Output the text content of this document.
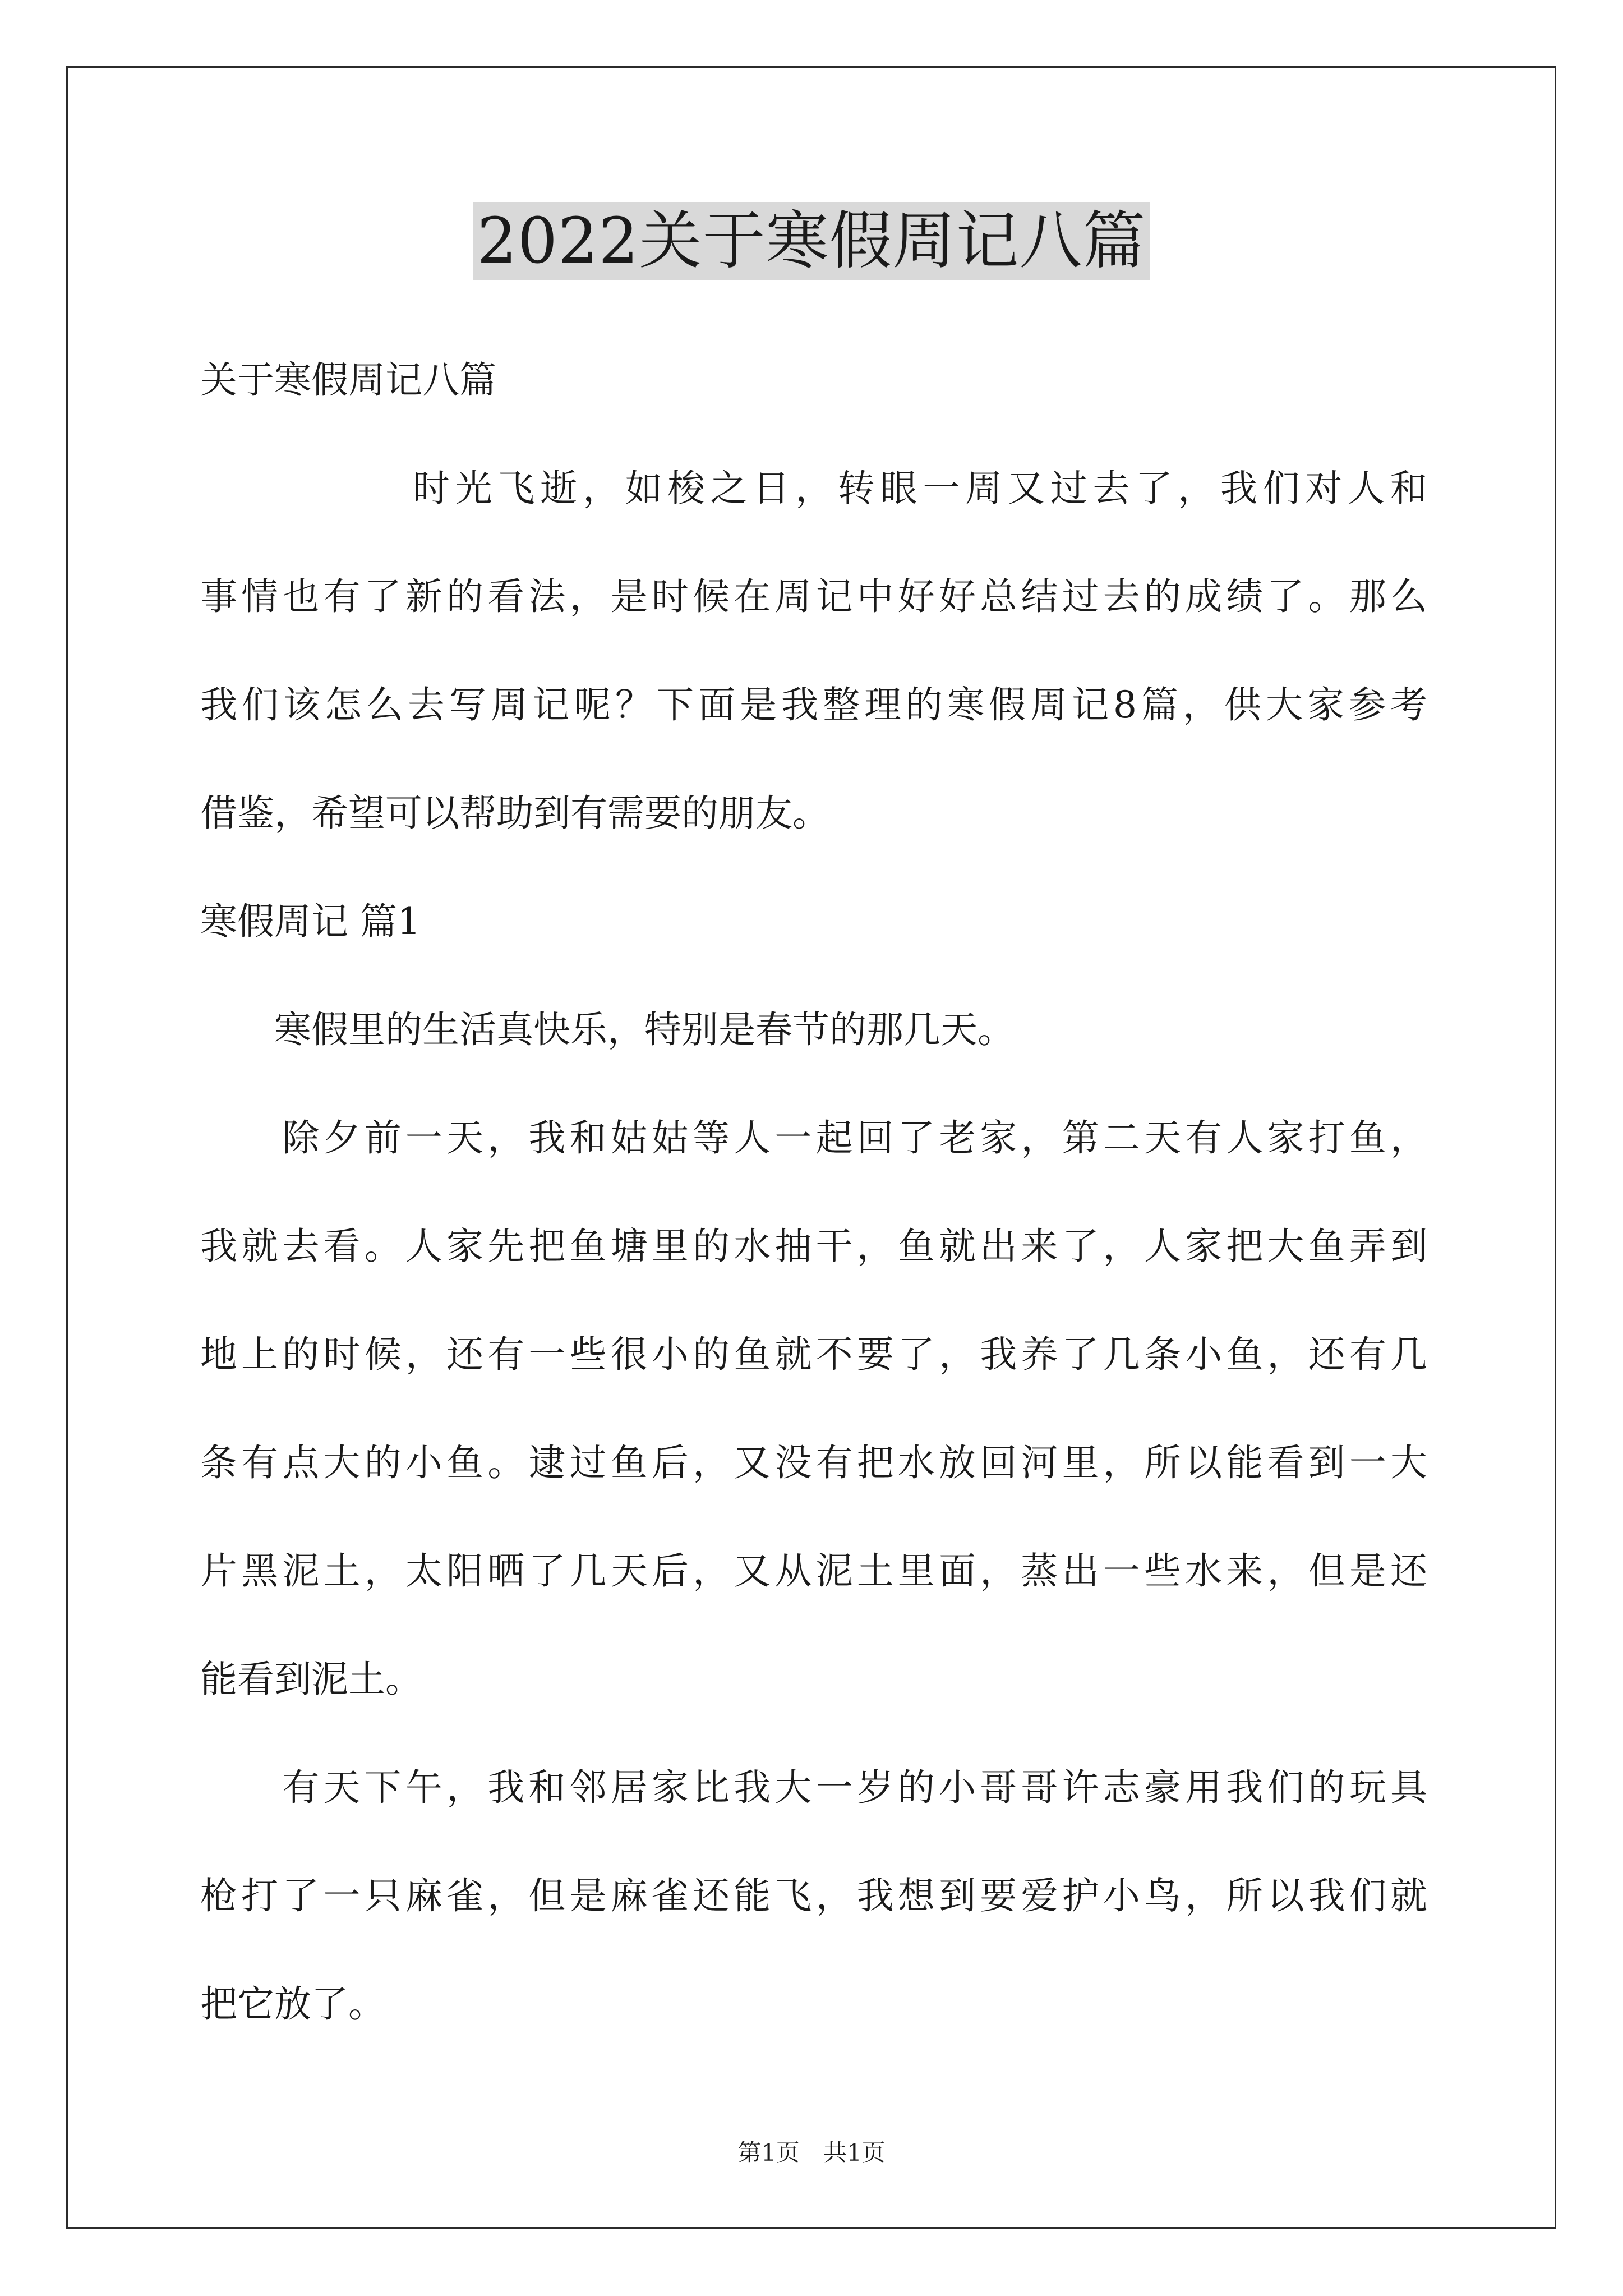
2022关于寒假周记八篇
关于寒假周记八篇
　　　　　时光飞逝，如梭之日，转眼一周又过去了，我们对人和
事情也有了新的看法，是时候在周记中好好总结过去的成绩了。那么
我们该怎么去写周记呢？下面是我整理的寒假周记8篇，供大家参考
借鉴，希望可以帮助到有需要的朋友。
寒假周记 篇1
　　寒假里的生活真快乐，特别是春节的那几天。
　　除夕前一天，我和姑姑等人一起回了老家，第二天有人家打鱼，
我就去看。人家先把鱼塘里的水抽干，鱼就出来了，人家把大鱼弄到
地上的时候，还有一些很小的鱼就不要了，我养了几条小鱼，还有几
条有点大的小鱼。逮过鱼后，又没有把水放回河里，所以能看到一大
片黑泥土，太阳晒了几天后，又从泥土里面，蒸出一些水来，但是还
能看到泥土。
　　有天下午，我和邻居家比我大一岁的小哥哥许志豪用我们的玩具
枪打了一只麻雀，但是麻雀还能飞，我想到要爱护小鸟，所以我们就
把它放了。
第1页　共1页
